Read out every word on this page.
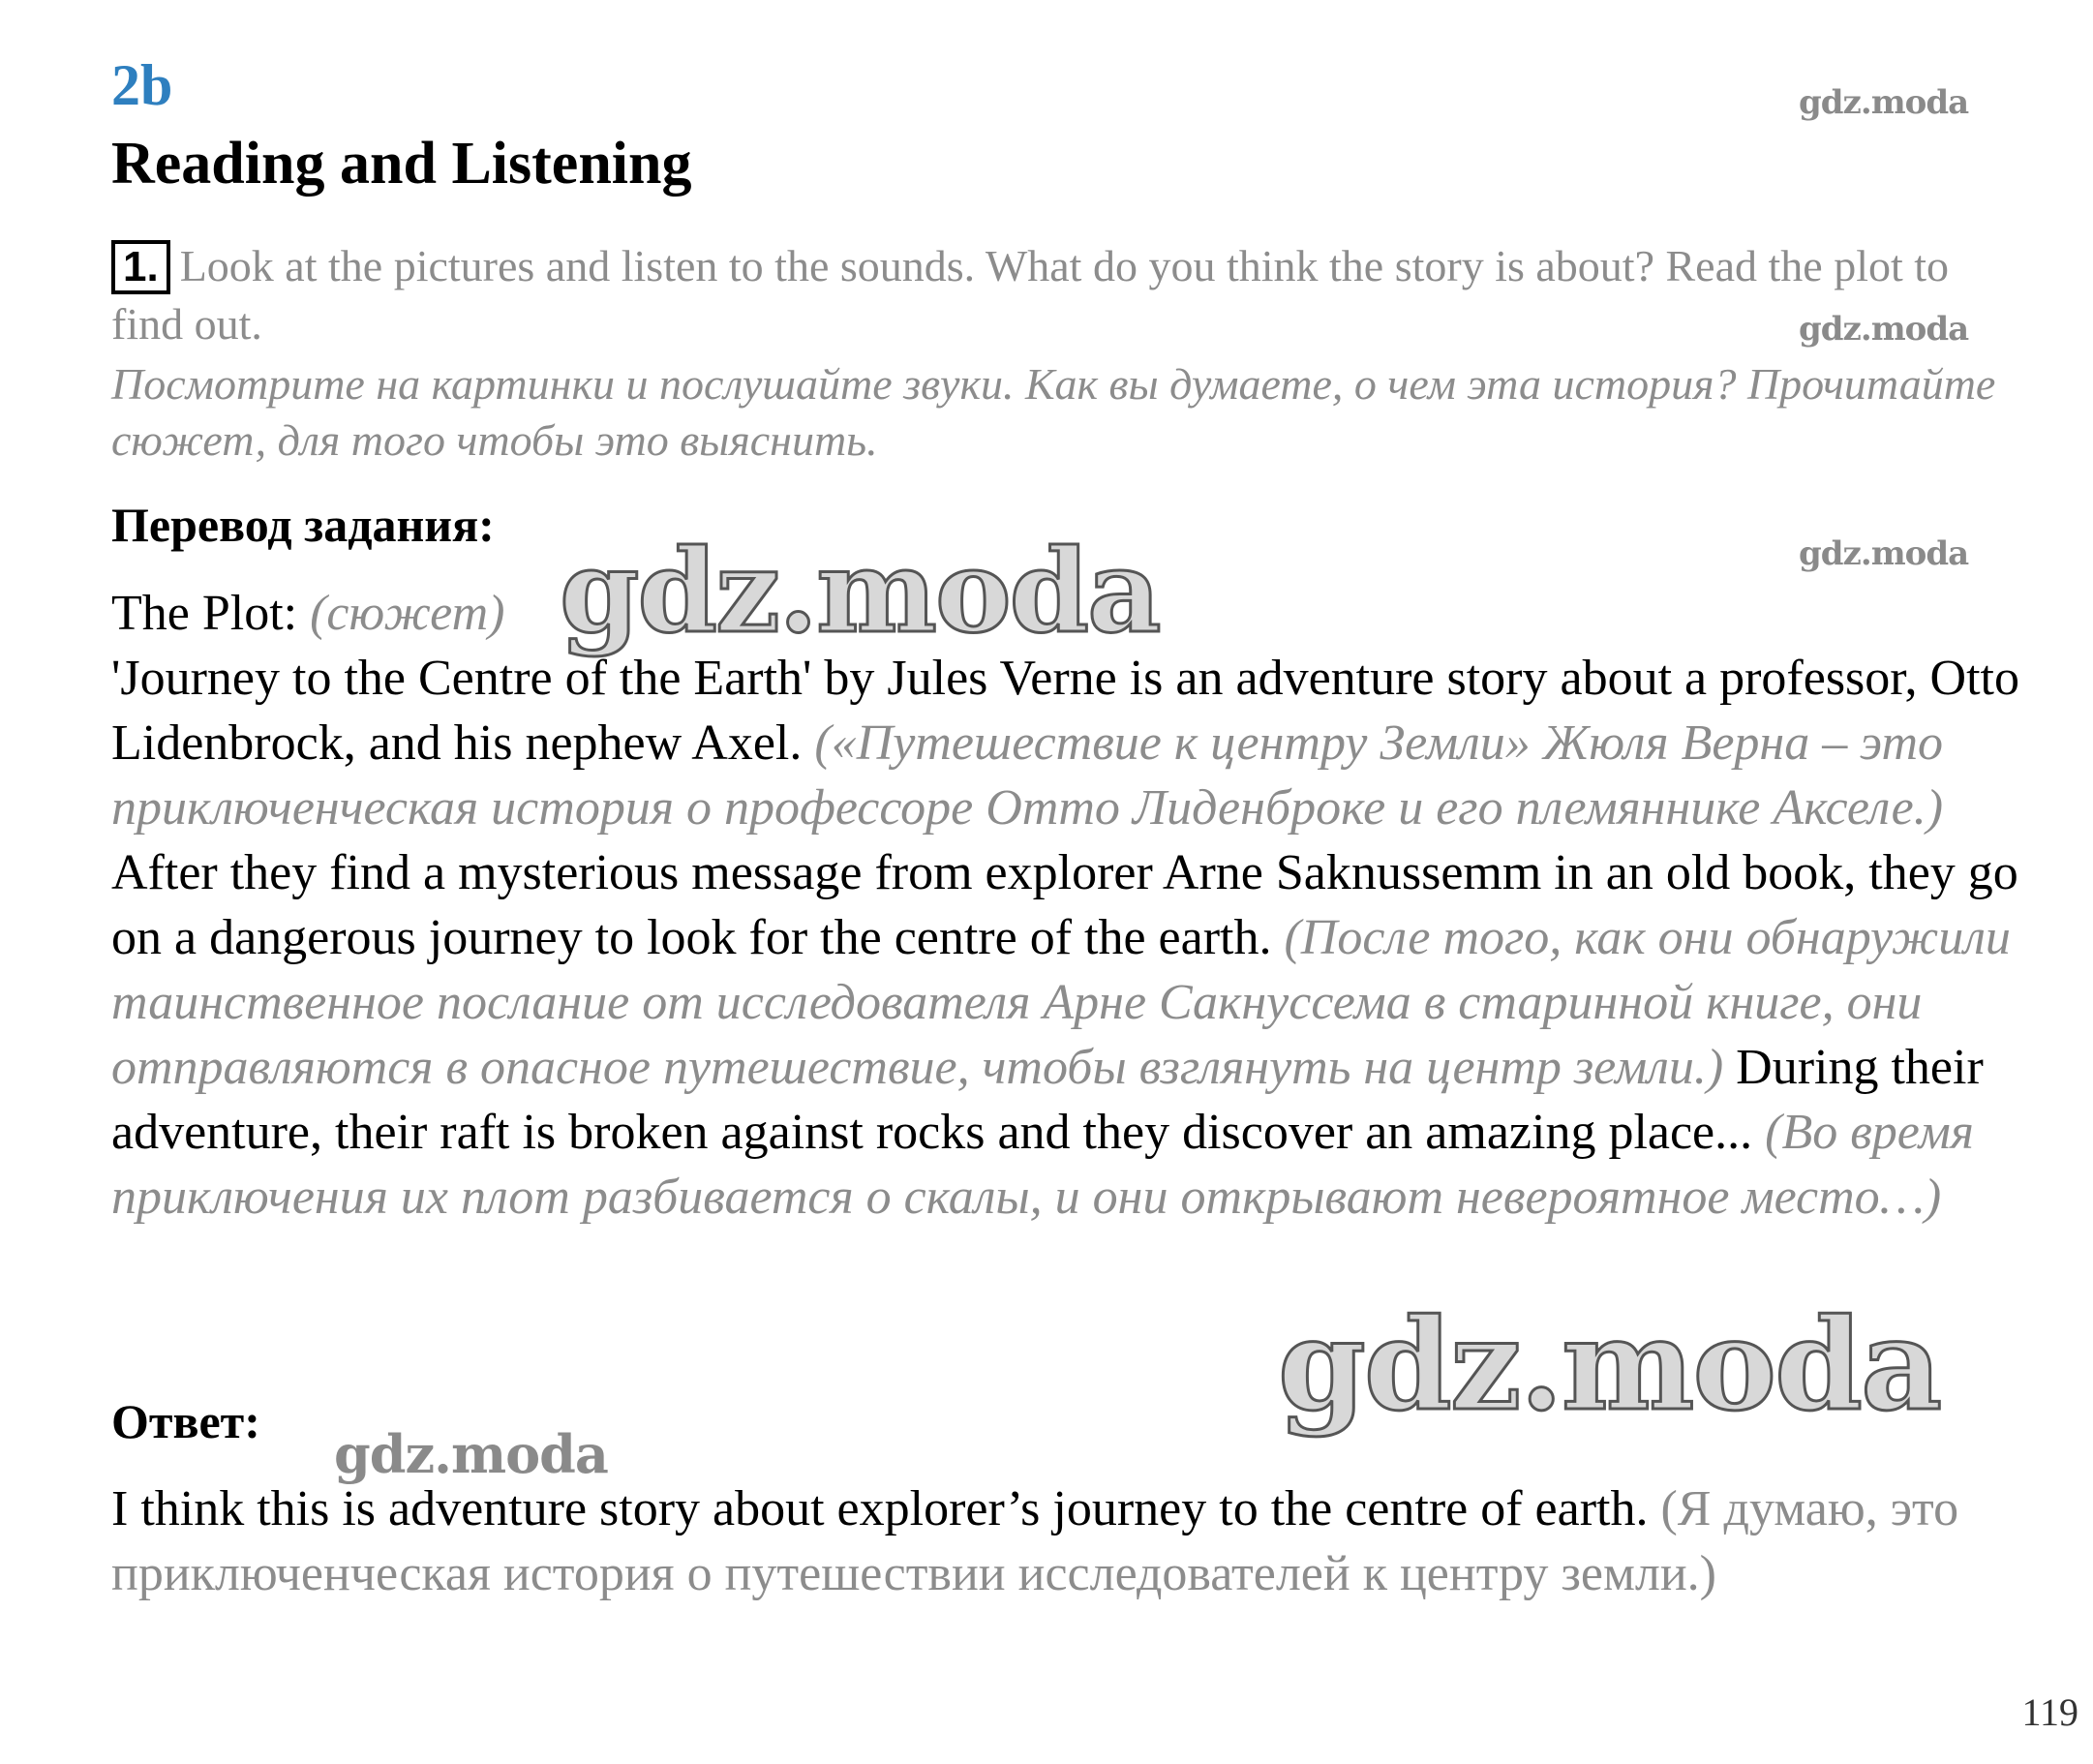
2b
Reading and Listening
gdz.moda
gdz.moda
gdz.moda
gdz.moda
1. Look at the pictures and listen to the sounds. What do you think the story is about? Read the plot to find out.
Посмотрите на картинки и послушайте звуки. Как вы думаете, о чем эта история? Прочитайте сюжет, для того чтобы это выяснить.
Перевод задания:
The Plot: (сюжет)
'Journey to the Centre of the Earth' by Jules Verne is an adventure story about a professor, Otto Lidenbrock, and his nephew Axel. («Путешествие к центру Земли» Жюля Верна – это приключенческая история о профессоре Отто Лиденброке и его племяннике Акселе.) After they find a mysterious message from explorer Arne Saknussemm in an old book, they go on a dangerous journey to look for the centre of the earth. (После того, как они обнаружили таинственное послание от исследователя Арне Сакнуссема в старинной книге, они отправляются в опасное путешествие, чтобы взглянуть на центр земли.) During their adventure, their raft is broken against rocks and they discover an amazing place... (Во время приключения их плот разбивается о скалы, и они открывают невероятное место…)
gdz.moda
gdz.moda
Ответ:
I think this is adventure story about explorer’s journey to the centre of earth. (Я думаю, это приключенческая история о путешествии исследователей к центру земли.)
119
